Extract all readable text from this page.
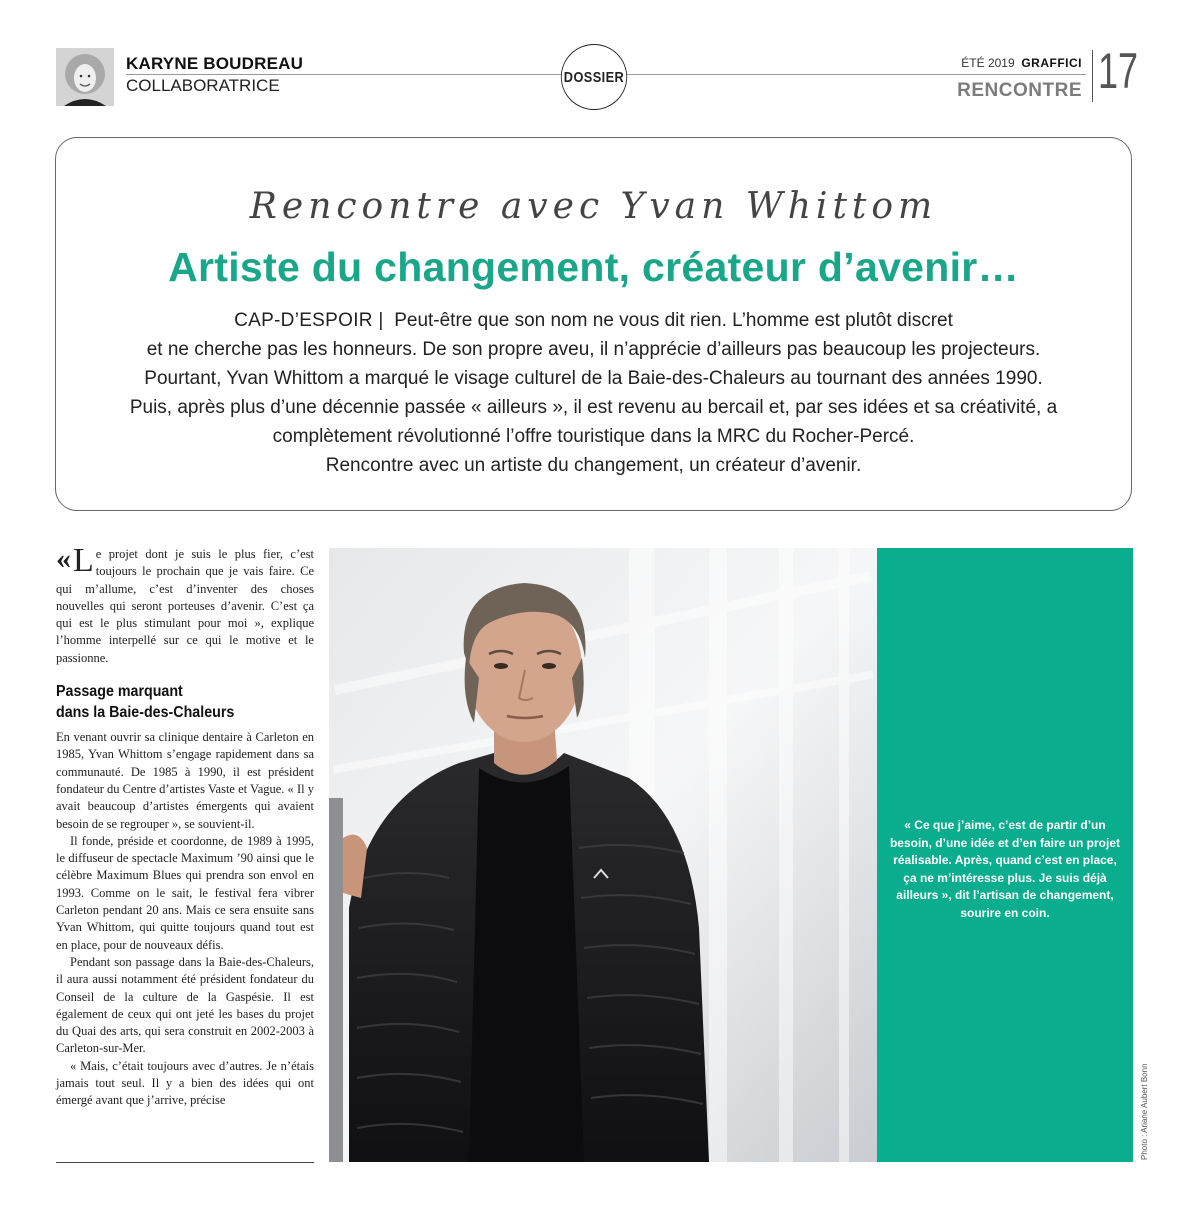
KARYNE BOUDREAU
COLLABORATRICE	DOSSIER
ÉTÉ 2019 GRAFFICI
RENCONTRE 17
Rencontre avec Yvan Whittom
Artiste du changement, créateur d’avenir…
CAP-D’ESPOIR | Peut-être que son nom ne vous dit rien. L’homme est plutôt discret
et ne cherche pas les honneurs. De son propre aveu, il n’apprécie d’ailleurs pas beaucoup les projecteurs.
Pourtant, Yvan Whittom a marqué le visage culturel de la Baie-des-Chaleurs au tournant des années 1990.
Puis, après plus d’une décennie passée « ailleurs », il est revenu au bercail et, par ses idées et sa créativité, a
complètement révolutionné l’offre touristique dans la MRC du Rocher-Percé.
Rencontre avec un artiste du changement, un créateur d’avenir.

« L e projet dont je suis le plus fier, c’est toujours le prochain que je vais faire. Ce qui m’allume, c’est d’inventer des choses nouvelles qui seront porteuses d’avenir. C’est ça qui est le plus stimulant pour moi », explique l’homme interpellé sur ce qui le motive et le passionne.

Passage marquant
dans la Baie-des-Chaleurs

En venant ouvrir sa clinique dentaire à Carleton en 1985, Yvan Whittom s’engage rapidement dans sa communauté. De 1985 à 1990, il est président fondateur du Centre d’artistes Vaste et Vague. « Il y avait beaucoup d’artistes émergents qui avaient besoin de se regrouper », se souvient-il.

Il fonde, préside et coordonne, de 1989 à 1995, le diffuseur de spectacle Maximum ’90 ainsi que le célèbre Maximum Blues qui prendra son envol en 1993. Comme on le sait, le festival fera vibrer Carleton pendant 20 ans. Mais ce sera ensuite sans Yvan Whittom, qui quitte toujours quand tout est en place, pour de nouveaux défis.

Pendant son passage dans la Baie-des-Chaleurs, il aura aussi notamment été président fondateur du Conseil de la culture de la Gaspésie. Il est également de ceux qui ont jeté les bases du projet du Quai des arts, qui sera construit en 2002-2003 à Carleton-sur-Mer.

« Mais, c’était toujours avec d’autres. Je n’étais jamais tout seul. Il y a bien des idées qui ont émergé avant que j’arrive, précise

« Ce que j’aime, c’est de partir d’un besoin, d’une idée et d’en faire un projet réalisable. Après, quand c’est en place, ça ne m’intéresse plus. Je suis déjà ailleurs », dit l’artisan de changement, sourire en coin.
Photo : Ariane Aubert Bonn
